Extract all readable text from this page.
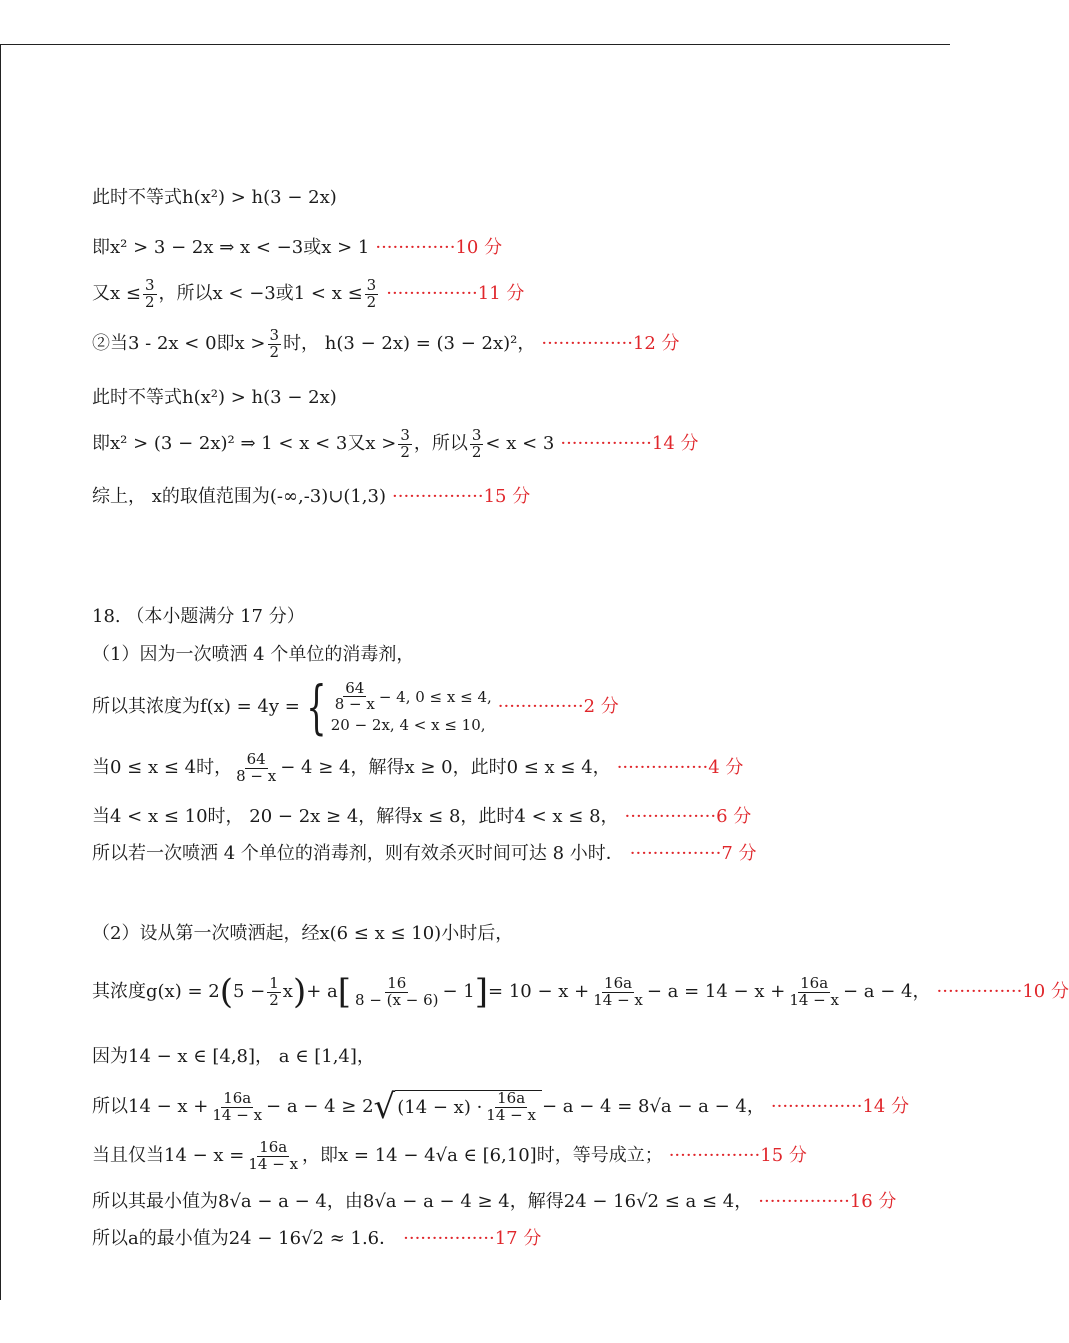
此时不等式h(x²) > h(3 − 2x)
即x² > 3 − 2x ⇒ x < −3或x > 1 ··············10 分
又$x \le \frac{3}{2}$ ，所以x < −3或$1 < x \le \frac{3}{2} \cdot\cdot\cdot\cdot\cdot\cdot\cdot\cdot\cdot\cdot\cdot\cdot\cdot\cdot\cdot\cdot 11$ 分
②当3 - 2x < 0即$x > \frac{3}{2}$ 时， h(3 − 2x) = (3 − 2x)²， ················12 分
此时不等式h(x²) > h(3 − 2x)
即x² > (3 − 2x)² ⇒ 1 < x < 3又$x > \frac{3}{2}$ ，所以 $\frac{3}{2} < x < 3 \cdot\cdot\cdot\cdot\cdot\cdot\cdot\cdot\cdot\cdot\cdot\cdot\cdot\cdot\cdot\cdot 14$ 分
综上， x的取值范围为(-∞,-3)∪(1,3) ················15 分
18. （本小题满分 17 分）
（1）因为一次喷洒 4 个单位的消毒剂，
所以其浓度为f(x) = 4y = { $\frac{64}{8 - x} - 4$, 0 ≤ x ≤ 4,
20 − 2x, 4 < x ≤ 10,
···············2 分
当0 ≤ x ≤ 4时， $\frac{64}{8 - x} - 4 \ge 4$，解得x ≥ 0，此时0 ≤ x ≤ 4， ················4 分
当4 < x ≤ 10时， 20 − 2x ≥ 4，解得x ≤ 8，此时4 < x ≤ 8， ················6 分
所以若一次喷洒 4 个单位的消毒剂，则有效杀灭时间可达 8 小时． ················7 分
（2）设从第一次喷洒起，经x(6 ≤ x ≤ 10)小时后，
其浓度g(x) = 2 ( $5 - \frac{1}{2}$ x ) + a [ $\frac{16}{8 - (x - 6)} - 1$ ] = $10 - x + \frac{16a}{14 - x} - a = 14 - x + \frac{16a}{14 - x} - a - 4$， ···············10 分
因为14 − x ∈ [4,8]， a ∈ [1,4]，
所以$14 - x + \frac{16a}{14 - x} - a - 4 \ge 2$ √ $(14 - x) \cdot \frac{16a}{14 - x} - a - 4 = 8√a - a - 4$， ················14 分
当且仅当$14 - x = \frac{16a}{14 - x}$ ，即x = 14 − 4√a ∈ [6,10]时，等号成立； ················15 分
所以其最小值为8√a − a − 4，由8√a − a − 4 ≥ 4，解得24 − 16√2 ≤ a ≤ 4， ················16 分
所以a的最小值为24 − 16√2 ≈ 1.6． ················17 分
